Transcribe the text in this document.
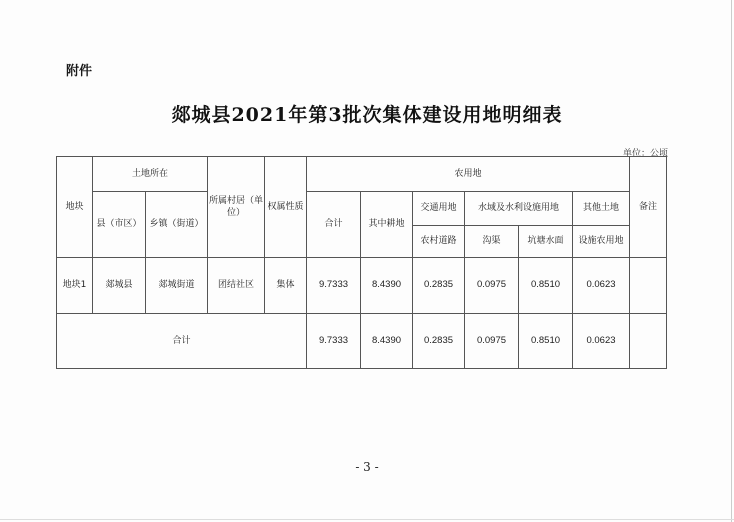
附件
郯城县2021年第3批次集体建设用地明细表
单位：公顷
地块	土地所在		所属村居（单位）	权属性质	农用地						备注
	县（市区）	乡镇（街道）			合计	其中耕地	交通用地	水域及水利设施用地		其他土地	
							农村道路	沟渠	坑塘水面	设施农用地	
地块1	郯城县	郯城街道	团结社区	集体	9.7333	8.4390	0.2835	0.0975	0.8510	0.0623	
合计					9.7333	8.4390	0.2835	0.0975	0.8510	0.0623	
- 3 -
